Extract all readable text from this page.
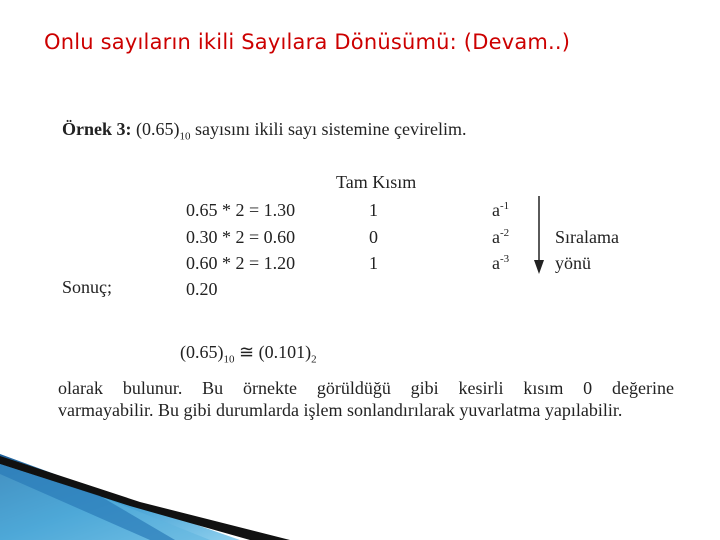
Onlu sayıların ikili Sayılara Dönüsümü: (Devam..)
Örnek 3: $(0.65)_{10}$ sayısını ikili sayı sistemine çevirelim.
Tam Kısım
0.65 * 2 = 1.30	1	$a^{-1}$
0.30 * 2 = 0.60	0	$a^{-2}$
0.60 * 2 = 1.20	1	$a^{-3}$
0.20
Sıralama
yönü
Sonuç;
$(0.65)_{10}$ ≅ $(0.101)_2$
olarak bulunur. Bu örnekte görüldüğü gibi kesirli kısım 0 değerine
varmayabilir. Bu gibi durumlarda işlem sonlandırılarak yuvarlatma yapılabilir.
